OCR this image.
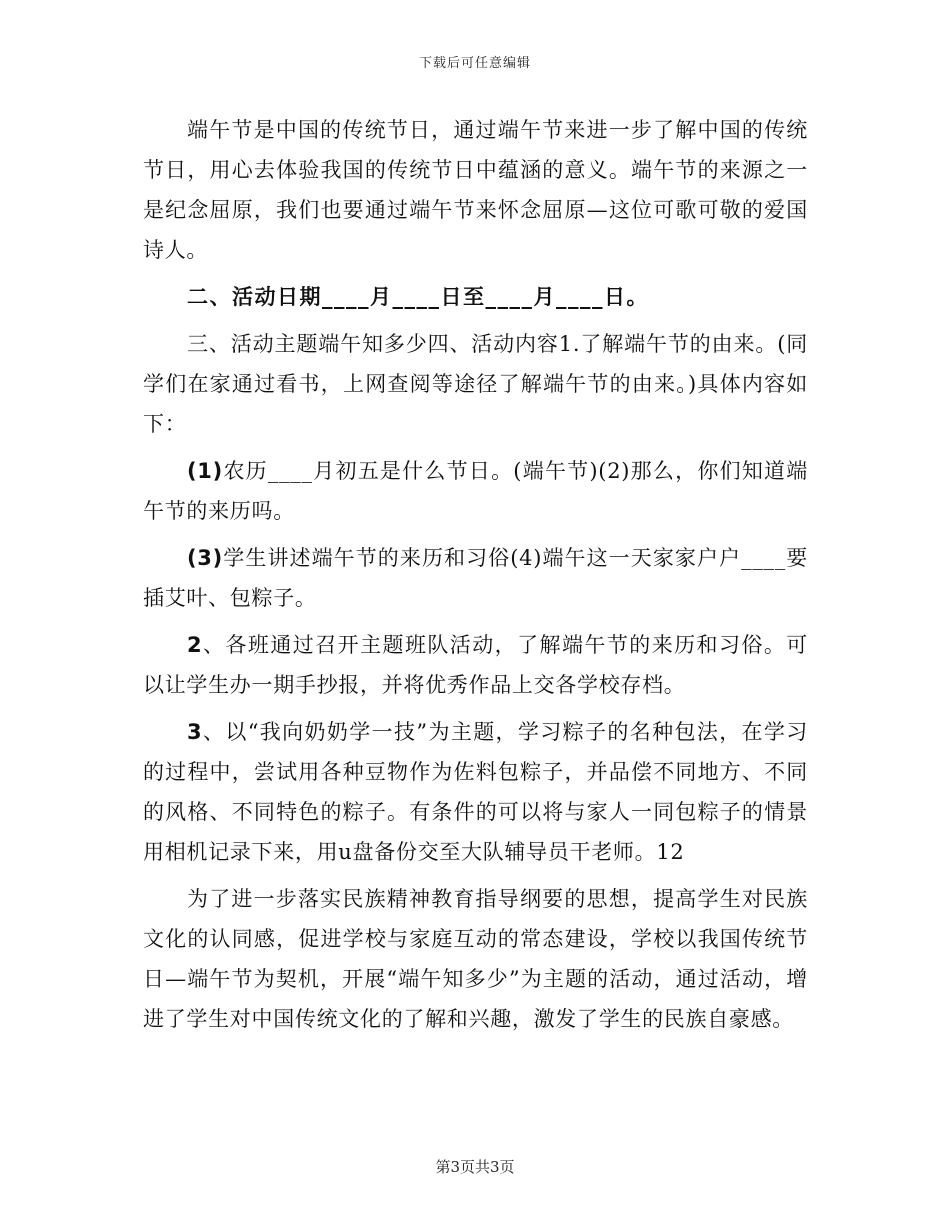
下载后可任意编辑

端午节是中国的传统节日，通过端午节来进一步了解中国的传统节日，用心去体验我国的传统节日中蕴涵的意义。端午节的来源之一是纪念屈原，我们也要通过端午节来怀念屈原—这位可歌可敬的爱国诗人。

二、活动日期____月____日至____月____日。

三、活动主题端午知多少四、活动内容1.了解端午节的由来。(同学们在家通过看书，上网查阅等途径了解端午节的由来。)具体内容如下：

(1)农历____月初五是什么节日。(端午节)(2)那么，你们知道端午节的来历吗。

(3)学生讲述端午节的来历和习俗(4)端午这一天家家户户____要插艾叶、包粽子。

2、各班通过召开主题班队活动，了解端午节的来历和习俗。可以让学生办一期手抄报，并将优秀作品上交各学校存档。

3、以“我向奶奶学一技”为主题，学习粽子的名种包法，在学习的过程中，尝试用各种豆物作为佐料包粽子，并品偿不同地方、不同的风格、不同特色的粽子。有条件的可以将与家人一同包粽子的情景用相机记录下来，用u盘备份交至大队辅导员干老师。12

为了进一步落实民族精神教育指导纲要的思想，提高学生对民族文化的认同感，促进学校与家庭互动的常态建设，学校以我国传统节日—端午节为契机，开展“端午知多少”为主题的活动，通过活动，增进了学生对中国传统文化的了解和兴趣，激发了学生的民族自豪感。

第3页共3页
